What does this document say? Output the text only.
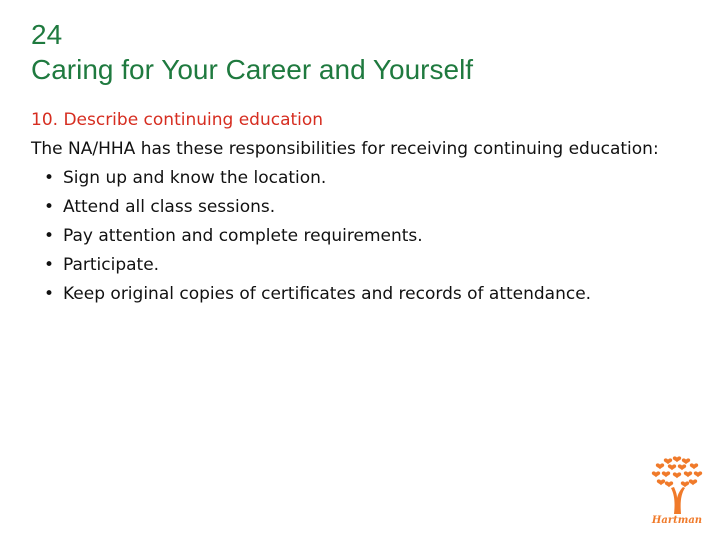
24
Caring for Your Career and Yourself
10. Describe continuing education

The NA/HHA has these responsibilities for receiving continuing education:

• Sign up and know the location.
• Attend all class sessions.
• Pay attention and complete requirements.
• Participate.
• Keep original copies of certificates and records of attendance.
Hartman
